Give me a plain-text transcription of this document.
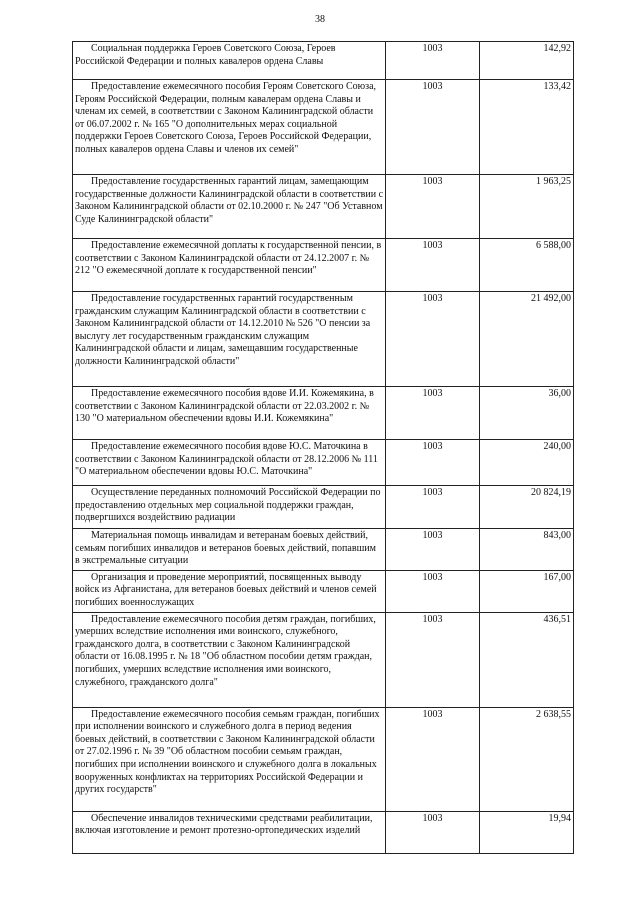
38
Социальная поддержка Героев Советского Союза, Героев Российской Федерации и полных кавалеров ордена Славы	1003	142,92
Предоставление ежемесячного пособия Героям Советского Союза, Героям Российской Федерации, полным кавалерам ордена Славы и членам их семей, в соответствии с Законом Калининградской области от 06.07.2002 г. № 165 "О дополнительных мерах социальной поддержки Героев Советского Союза, Героев Российской Федерации, полных кавалеров ордена Славы и членов их семей"	1003	133,42
Предоставление государственных гарантий лицам, замещающим государственные должности Калининградской области в соответствии с Законом Калининградской области от 02.10.2000 г. № 247 "Об Уставном Суде Калининградской области"	1003	1 963,25
Предоставление ежемесячной доплаты к государственной пенсии, в соответствии с Законом Калининградской области от 24.12.2007 г. № 212 "О ежемесячной доплате к государственной пенсии"	1003	6 588,00
Предоставление государственных гарантий государственным гражданским служащим Калининградской области в соответствии с Законом Калининградской области от 14.12.2010 № 526 "О пенсии за выслугу лет государственным гражданским служащим Калининградской области и лицам, замещавшим государственные должности Калининградской области"	1003	21 492,00
Предоставление ежемесячного пособия вдове И.И. Кожемякина, в соответствии с Законом Калининградской области от 22.03.2002 г. № 130 "О материальном обеспечении вдовы И.И. Кожемякина"	1003	36,00
Предоставление ежемесячного пособия вдове Ю.С. Маточкина в соответствии с Законом Калининградской области от 28.12.2006 № 111 "О материальном обеспечении вдовы Ю.С. Маточкина"	1003	240,00
Осуществление переданных полномочий Российской Федерации по предоставлению отдельных мер социальной поддержки граждан, подвергшихся воздействию радиации	1003	20 824,19
Материальная помощь инвалидам и ветеранам боевых действий, семьям погибших инвалидов и ветеранов боевых действий, попавшим в экстремальные ситуации	1003	843,00
Организация и проведение мероприятий, посвященных выводу войск из Афганистана, для ветеранов боевых действий и членов семей погибших военнослужащих	1003	167,00
Предоставление ежемесячного пособия детям граждан, погибших, умерших вследствие исполнения ими воинского, служебного, гражданского долга, в соответствии с Законом Калининградской области от 16.08.1995 г. № 18 "Об областном пособии детям граждан, погибших, умерших вследствие исполнения ими воинского, служебного, гражданского долга"	1003	436,51
Предоставление ежемесячного пособия семьям граждан, погибших при исполнении воинского и служебного долга в период ведения боевых действий, в соответствии с Законом Калининградской области от 27.02.1996 г. № 39 "Об областном пособии семьям граждан, погибших при исполнении воинского и служебного долга в локальных вооруженных конфликтах на территориях Российской Федерации и других государств"	1003	2 638,55
Обеспечение инвалидов техническими средствами реабилитации, включая изготовление и ремонт протезно-ортопедических изделий	1003	19,94
